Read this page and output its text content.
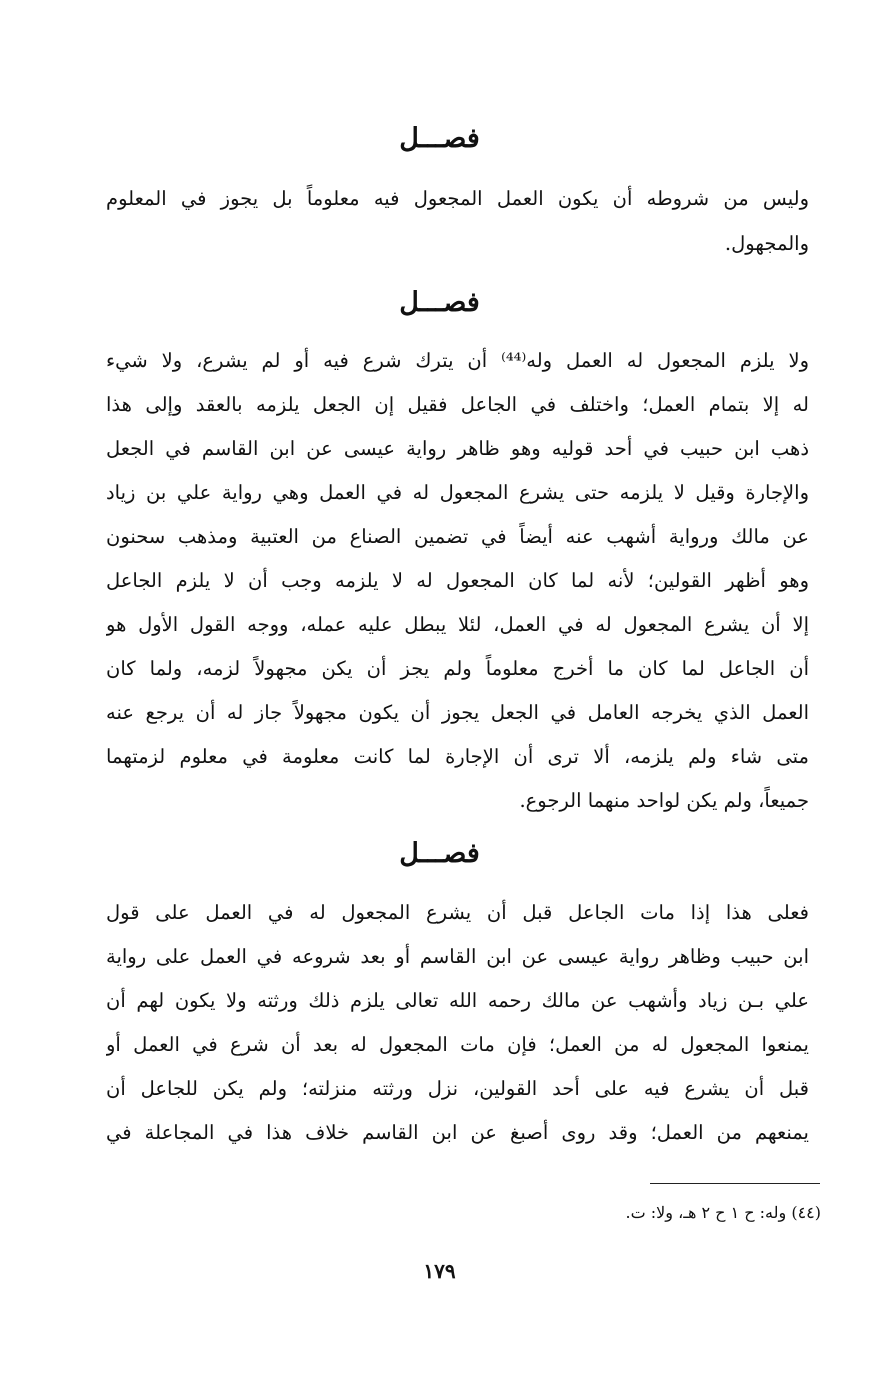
فصـــل
وليس من شروطه أن يكون العمل المجعول فيه معلوماً بل يجوز في المعلوم
والمجهول.
فصـــل
ولا يلزم المجعول له العمل وله⁽⁴⁴⁾ أن يترك شرع فيه أو لم يشرع، ولا شيء
له إلا بتمام العمل؛ واختلف في الجاعل فقيل إن الجعل يلزمه بالعقد وإلى هذا
ذهب ابن حبيب في أحد قوليه وهو ظاهر رواية عيسى عن ابن القاسم في الجعل
والإجارة وقيل لا يلزمه حتى يشرع المجعول له في العمل وهي رواية علي بن زياد
عن مالك ورواية أشهب عنه أيضاً في تضمين الصناع من العتبية ومذهب سحنون
وهو أظهر القولين؛ لأنه لما كان المجعول له لا يلزمه وجب أن لا يلزم الجاعل
إلا أن يشرع المجعول له في العمل، لئلا يبطل عليه عمله، ووجه القول الأول هو
أن الجاعل لما كان ما أخرج معلوماً ولم يجز أن يكن مجهولاً لزمه، ولما كان
العمل الذي يخرجه العامل في الجعل يجوز أن يكون مجهولاً جاز له أن يرجع عنه
متى شاء ولم يلزمه، ألا ترى أن الإجارة لما كانت معلومة في معلوم لزمتهما
جميعاً، ولم يكن لواحد منهما الرجوع.
فصـــل
فعلى هذا إذا مات الجاعل قبل أن يشرع المجعول له في العمل على قول
ابن حبيب وظاهر رواية عيسى عن ابن القاسم أو بعد شروعه في العمل على رواية
علي بـن زياد وأشهب عن مالك رحمه الله تعالى يلزم ذلك ورثته ولا يكون لهم أن
يمنعوا المجعول له من العمل؛ فإن مات المجعول له بعد أن شرع في العمل أو
قبل أن يشرع فيه على أحد القولين، نزل ورثته منزلته؛ ولم يكن للجاعل أن
يمنعهم من العمل؛ وقد روى أصبغ عن ابن القاسم خلاف هذا في المجاعلة في
(٤٤) وله: ح ١ ح ٢ هـ، ولا: ت.
١٧٩
